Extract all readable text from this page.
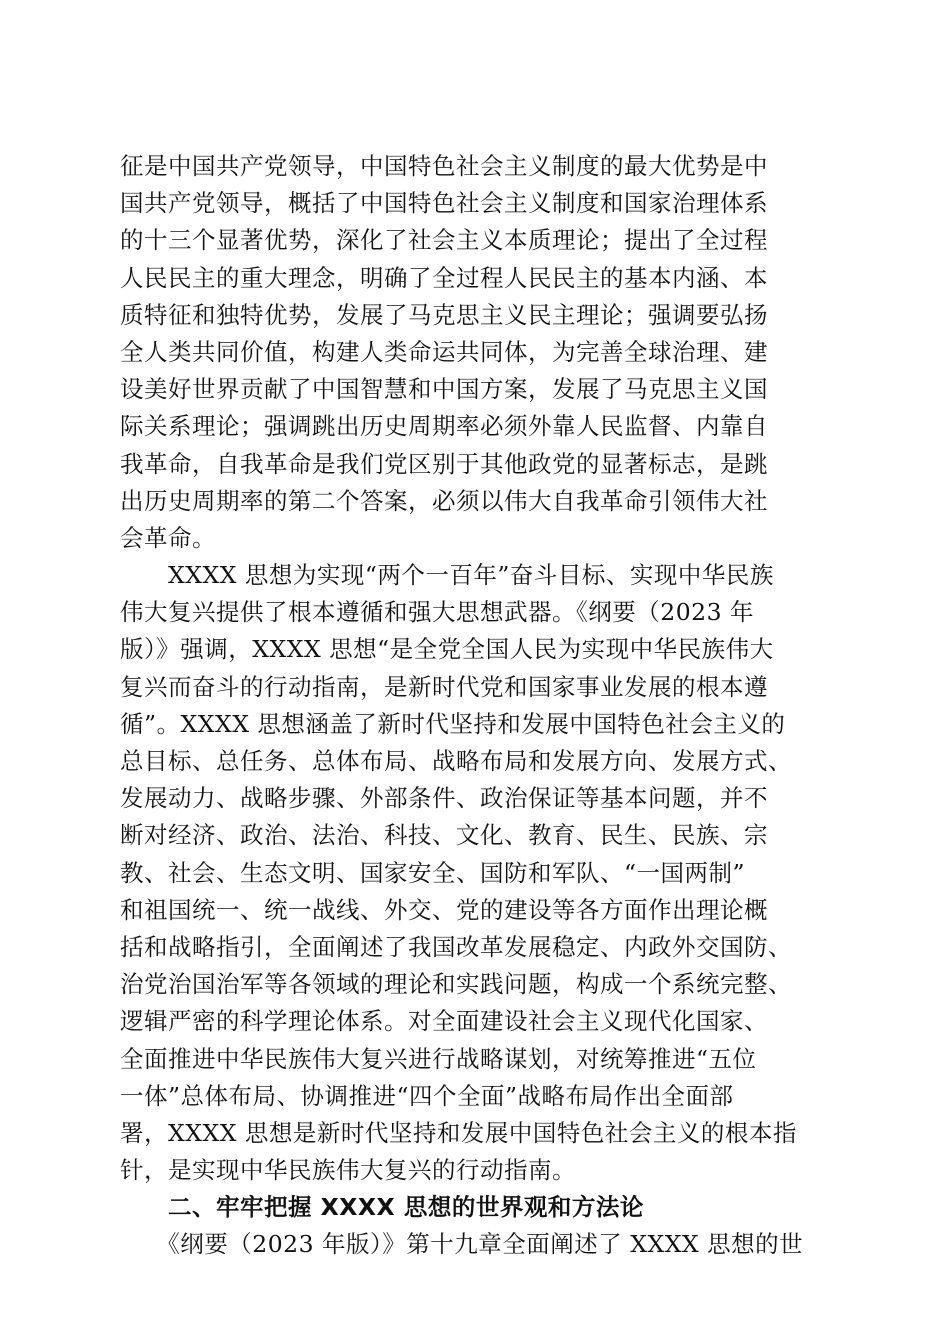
征是中国共产党领导，中国特色社会主义制度的最大优势是中
国共产党领导，概括了中国特色社会主义制度和国家治理体系
的十三个显著优势，深化了社会主义本质理论；提出了全过程
人民民主的重大理念，明确了全过程人民民主的基本内涵、本
质特征和独特优势，发展了马克思主义民主理论；强调要弘扬
全人类共同价值，构建人类命运共同体，为完善全球治理、建
设美好世界贡献了中国智慧和中国方案，发展了马克思主义国
际关系理论；强调跳出历史周期率必须外靠人民监督、内靠自
我革命，自我革命是我们党区别于其他政党的显著标志，是跳
出历史周期率的第二个答案，必须以伟大自我革命引领伟大社
会革命。
　　XXXX 思想为实现“两个一百年”奋斗目标、实现中华民族
伟大复兴提供了根本遵循和强大思想武器。《纲要（2023 年
版）》强调，XXXX 思想“是全党全国人民为实现中华民族伟大
复兴而奋斗的行动指南，是新时代党和国家事业发展的根本遵
循”。XXXX 思想涵盖了新时代坚持和发展中国特色社会主义的
总目标、总任务、总体布局、战略布局和发展方向、发展方式、
发展动力、战略步骤、外部条件、政治保证等基本问题，并不
断对经济、政治、法治、科技、文化、教育、民生、民族、宗
教、社会、生态文明、国家安全、国防和军队、“一国两制”
和祖国统一、统一战线、外交、党的建设等各方面作出理论概
括和战略指引，全面阐述了我国改革发展稳定、内政外交国防、
治党治国治军等各领域的理论和实践问题，构成一个系统完整、
逻辑严密的科学理论体系。对全面建设社会主义现代化国家、
全面推进中华民族伟大复兴进行战略谋划，对统筹推进“五位
一体”总体布局、协调推进“四个全面”战略布局作出全面部
署，XXXX 思想是新时代坚持和发展中国特色社会主义的根本指
针，是实现中华民族伟大复兴的行动指南。
　　二、牢牢把握 XXXX 思想的世界观和方法论
　　《纲要（2023 年版）》第十九章全面阐述了 XXXX 思想的世
